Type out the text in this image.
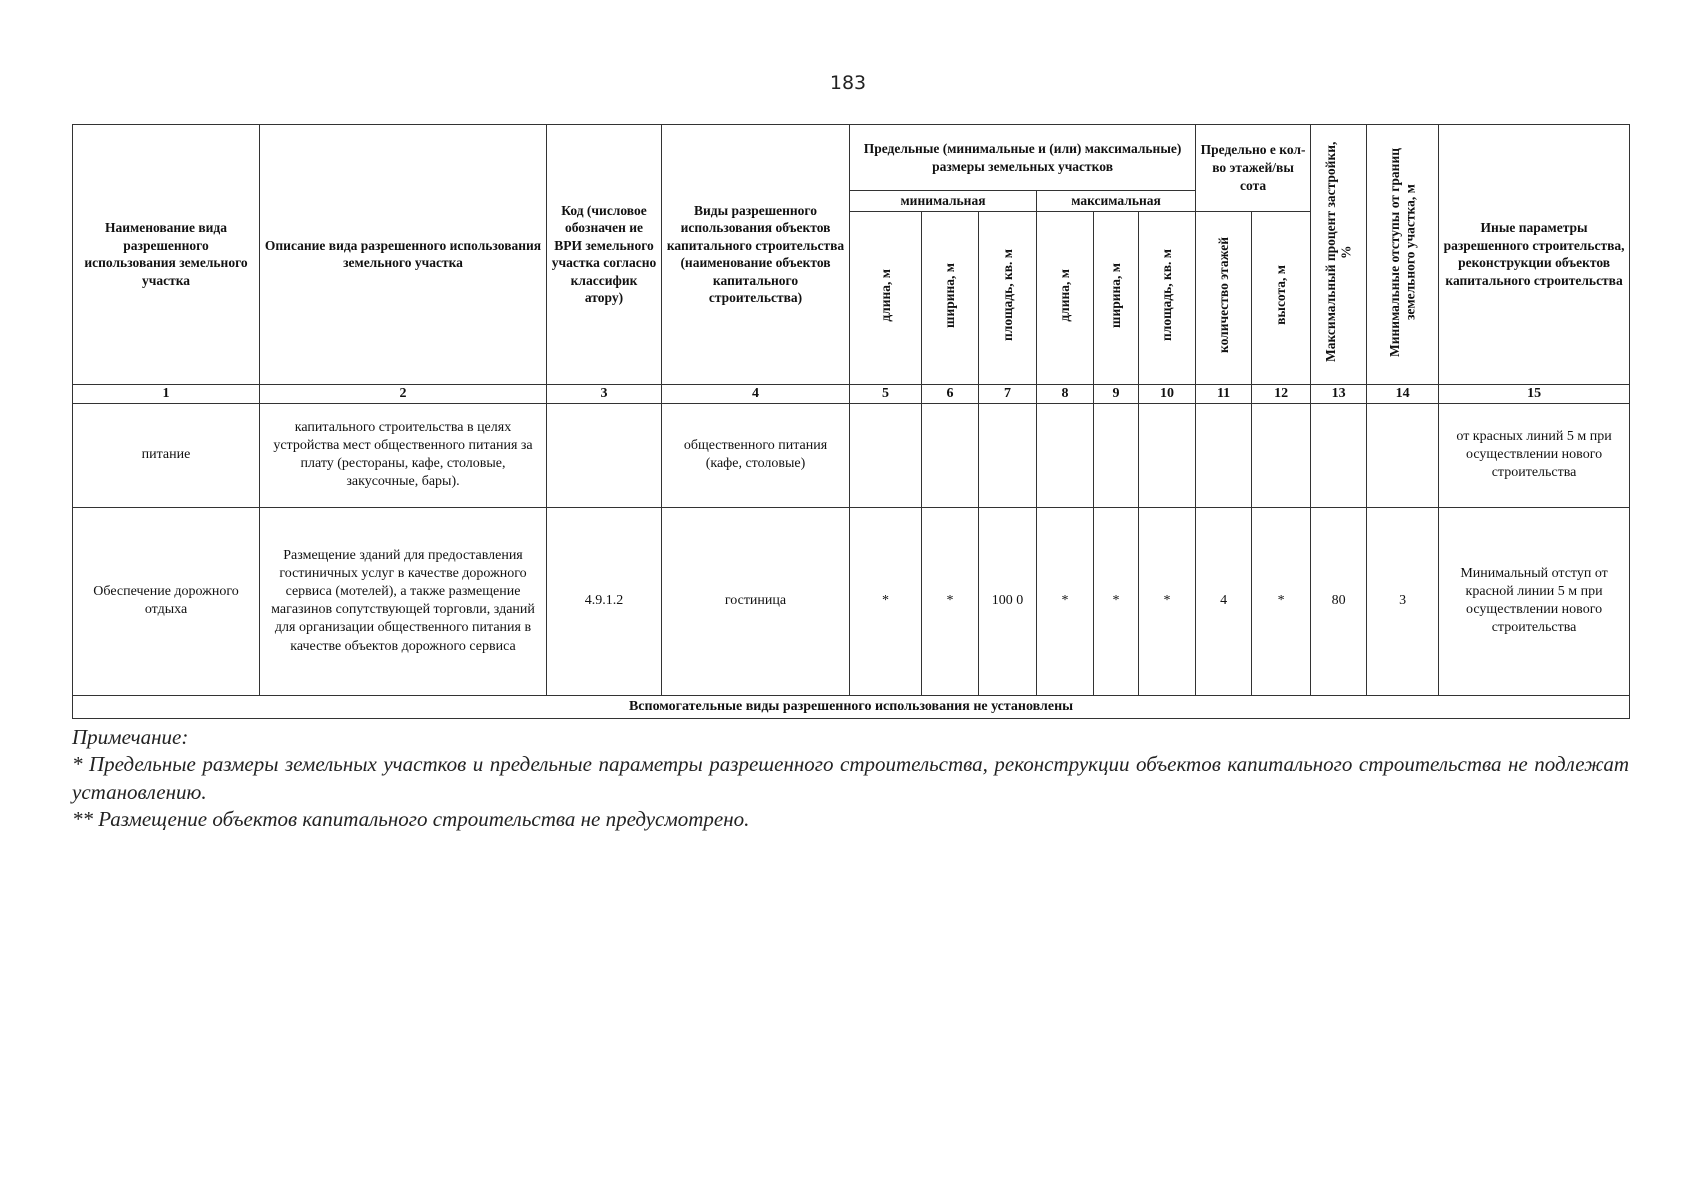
183
Наименование вида разрешенного использования земельного участка	Описание вида разрешенного использования земельного участка	Код (числовое обозначен ие ВРИ земельного участка согласно классифик атору)	Виды разрешенного использования объектов капитального строительства (наименование объектов капитального строительства)	Предельные (минимальные и (или) максимальные) размеры земельных участков						Предельно е кол-во этажей/вы сота		Максимальный процент застройки, %	Минимальные отступы от границ земельного участка, м	Иные параметры разрешенного строительства, реконструкции объектов капитального строительства
				минимальная			максимальная							
				длина, м	ширина, м	площадь, кв. м	длина, м	ширина, м	площадь, кв. м	количество этажей	высота, м			
1	2	3	4	5	6	7	8	9	10	11	12	13	14	15
питание	капитального строительства в целях устройства мест общественного питания за плату (рестораны, кафе, столовые, закусочные, бары).		общественного питания (кафе, столовые)											от красных линий 5 м при осуществлении нового строительства
Обеспечение дорожного отдыха	Размещение зданий для предоставления гостиничных услуг в качестве дорожного сервиса (мотелей), а также размещение магазинов сопутствующей торговли, зданий для организации общественного питания в качестве объектов дорожного сервиса	4.9.1.2	гостиница	*	*	100 0	*	*	*	4	*	80	3	Минимальный отступ от красной линии 5 м при осуществлении нового строительства
Вспомогательные виды разрешенного использования не установлены														

Примечание:

* Предельные размеры земельных участков и предельные параметры разрешенного строительства, реконструкции объектов капитального строительства не подлежат установлению.

** Размещение объектов капитального строительства не предусмотрено.
